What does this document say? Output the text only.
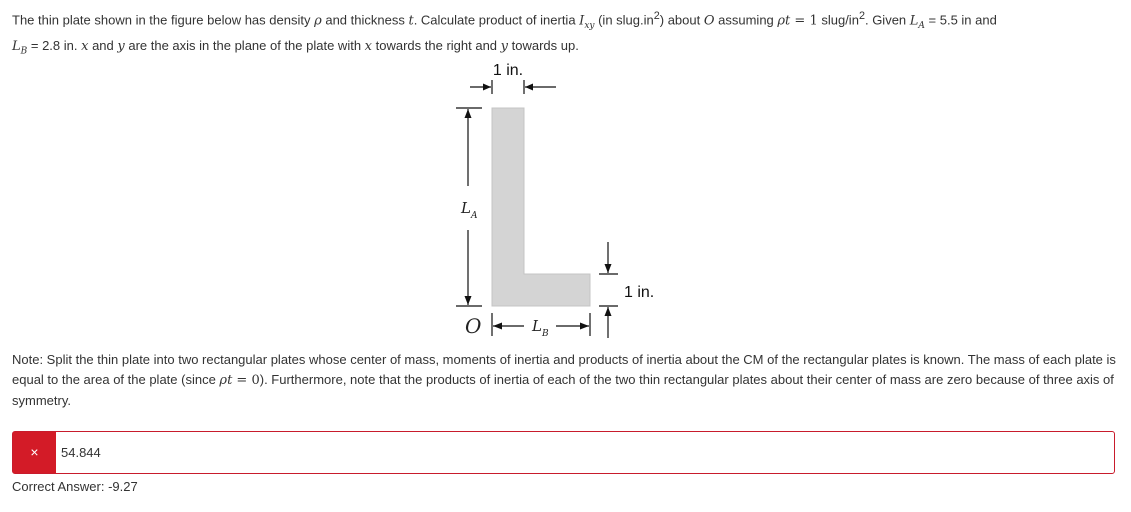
The thin plate shown in the figure below has density ρ and thickness t. Calculate product of inertia $I_{xy}$ (in $slug.in^2$) about O assuming ρt = 1 slug/$in^2$. Given $L_A = 5.5$ in and
$L_B = 2.8$ in. x and y are the axis in the plane of the plate with x towards the right and y towards up.
1 in.
$L_A$
1 in.
$L_B$
O
Note: Split the thin plate into two rectangular plates whose center of mass, moments of inertia and products of inertia about the CM of the rectangular plates is known. The mass of each plate is equal to the area of the plate (since ρt = 0). Furthermore, note that the products of inertia of each of the two thin rectangular plates about their center of mass are zero because of three axis of symmetry.
×	54.844
Correct Answer: -9.27
